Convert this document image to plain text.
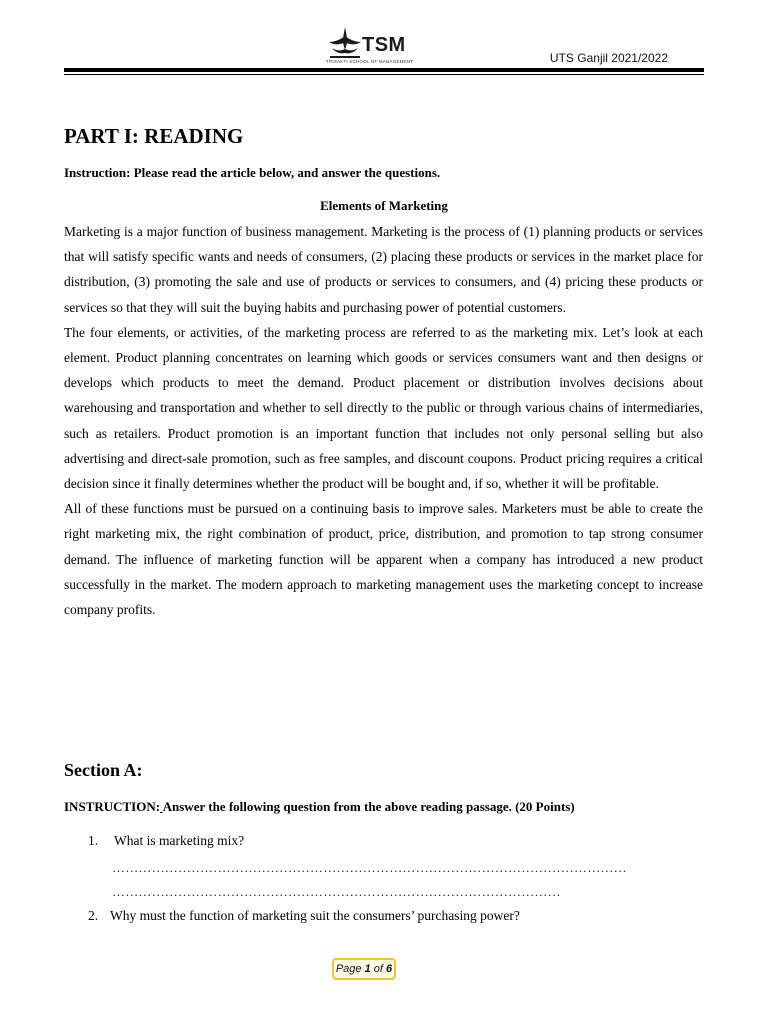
TSM
TRISAKTI SCHOOL OF MANAGEMENT	UTS Ganjil 2021/2022
PART I: READING

Instruction: Please read the article below, and answer the questions.

Elements of Marketing

Marketing is a major function of business management. Marketing is the process of (1) planning products or services that will satisfy specific wants and needs of consumers, (2) placing these products or services in the market place for distribution, (3) promoting the sale and use of products or services to consumers, and (4) pricing these products or services so that they will suit the buying habits and purchasing power of potential customers.

The four elements, or activities, of the marketing process are referred to as the marketing mix. Let’s look at each element. Product planning concentrates on learning which goods or services consumers want and then designs or develops which products to meet the demand. Product placement or distribution involves decisions about warehousing and transportation and whether to sell directly to the public or through various chains of intermediaries, such as retailers. Product promotion is an important function that includes not only personal selling but also advertising and direct-sale promotion, such as free samples, and discount coupons. Product pricing requires a critical decision since it finally determines whether the product will be bought and, if so, whether it will be profitable.

All of these functions must be pursued on a continuing basis to improve sales. Marketers must be able to create the right marketing mix, the right combination of product, price, distribution, and promotion to tap strong consumer demand. The influence of marketing function will be apparent when a company has introduced a new product successfully in the market. The modern approach to marketing management uses the marketing concept to increase company profits.

Section A:

INSTRUCTION: Answer the following question from the above reading passage. (20 Points)

1. What is marketing mix?
………………………………………………………………………………………………………
…………………………………………………………………………………………
2. Why must the function of marketing suit the consumers’ purchasing power?
Page 1 of 6
